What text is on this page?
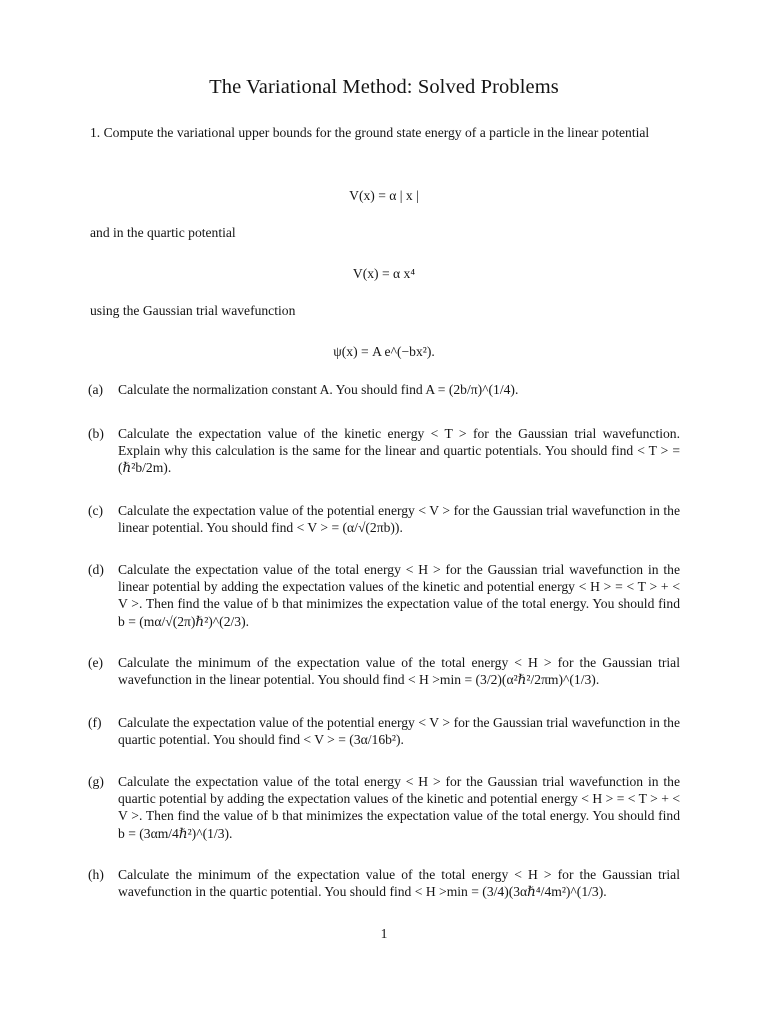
The Variational Method: Solved Problems
1. Compute the variational upper bounds for the ground state energy of a particle in the linear potential
V(x) = α | x |
and in the quartic potential
V(x) = α x⁴
using the Gaussian trial wavefunction
ψ(x) = A e^(−bx²).
(a)	Calculate the normalization constant A. You should find A = (2b/π)^(1/4).
(b)	Calculate the expectation value of the kinetic energy < T > for the Gaussian trial wavefunction. Explain why this calculation is the same for the linear and quartic potentials. You should find < T > = (ℏ²b/2m).
(c)	Calculate the expectation value of the potential energy < V > for the Gaussian trial wavefunction in the linear potential. You should find < V > = (α/√(2πb)).
(d)	Calculate the expectation value of the total energy < H > for the Gaussian trial wavefunction in the linear potential by adding the expectation values of the kinetic and potential energy < H > = < T > + < V >. Then find the value of b that minimizes the expectation value of the total energy. You should find b = (mα/√(2π)ℏ²)^(2/3).
(e)	Calculate the minimum of the expectation value of the total energy < H > for the Gaussian trial wavefunction in the linear potential. You should find < H >min = (3/2)(α²ℏ²/2πm)^(1/3).
(f)	Calculate the expectation value of the potential energy < V > for the Gaussian trial wavefunction in the quartic potential. You should find < V > = (3α/16b²).
(g)	Calculate the expectation value of the total energy < H > for the Gaussian trial wavefunction in the quartic potential by adding the expectation values of the kinetic and potential energy < H > = < T > + < V >. Then find the value of b that minimizes the expectation value of the total energy. You should find b = (3αm/4ℏ²)^(1/3).
(h)	Calculate the minimum of the expectation value of the total energy < H > for the Gaussian trial wavefunction in the quartic potential. You should find < H >min = (3/4)(3αℏ⁴/4m²)^(1/3).
1
